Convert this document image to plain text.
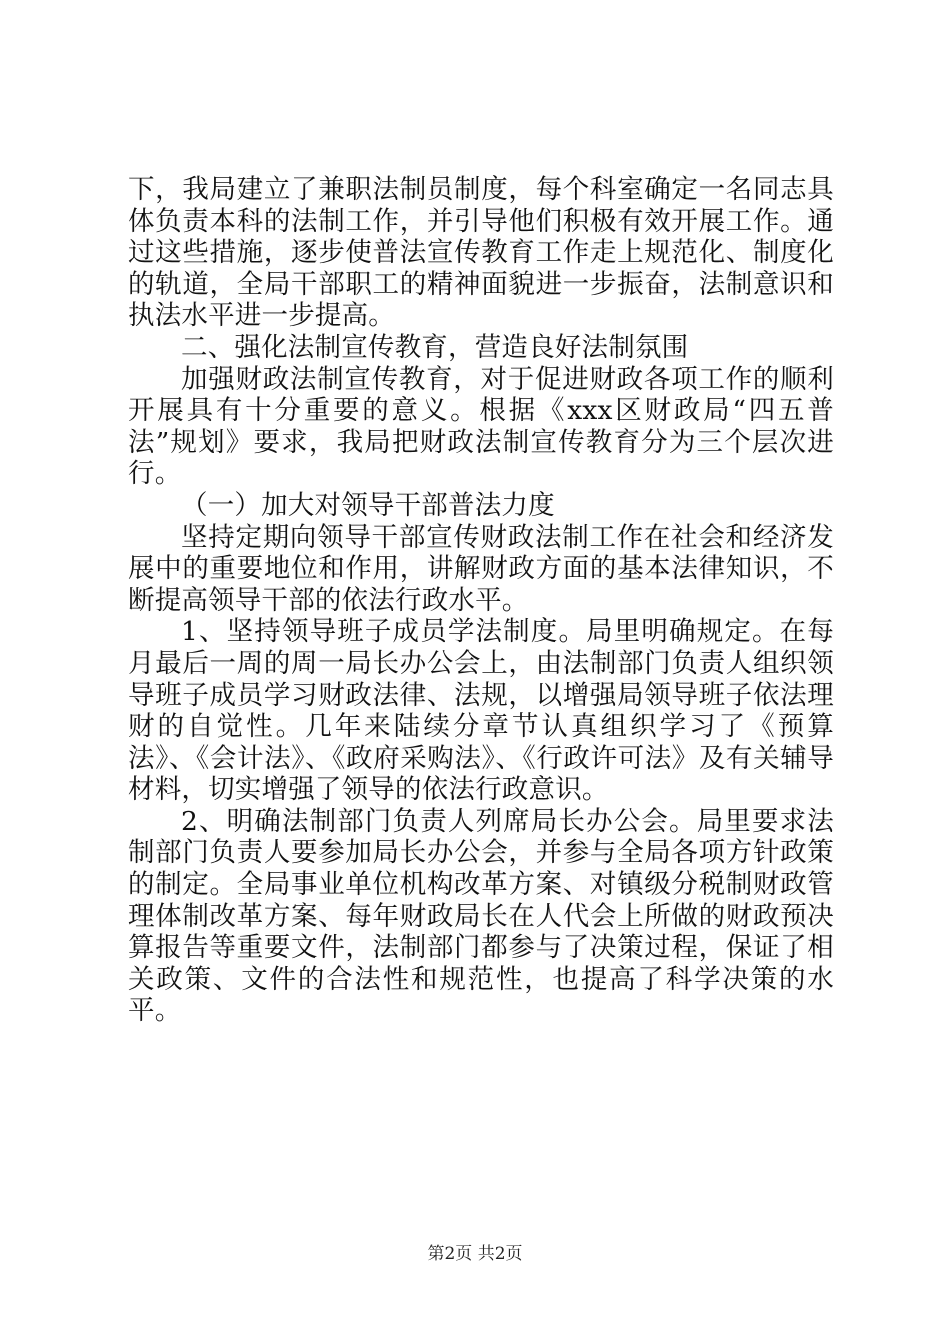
下，我局建立了兼职法制员制度，每个科室确定一名同志具体负责本科的法制工作，并引导他们积极有效开展工作。通过这些措施，逐步使普法宣传教育工作走上规范化、制度化的轨道，全局干部职工的精神面貌进一步振奋，法制意识和执法水平进一步提高。

二、强化法制宣传教育，营造良好法制氛围

加强财政法制宣传教育，对于促进财政各项工作的顺利开展具有十分重要的意义。根据《xxx区财政局“四五普法”规划》要求，我局把财政法制宣传教育分为三个层次进行。

（一）加大对领导干部普法力度

坚持定期向领导干部宣传财政法制工作在社会和经济发展中的重要地位和作用，讲解财政方面的基本法律知识，不断提高领导干部的依法行政水平。

1、坚持领导班子成员学法制度。局里明确规定。在每月最后一周的周一局长办公会上，由法制部门负责人组织领导班子成员学习财政法律、法规，以增强局领导班子依法理财的自觉性。几年来陆续分章节认真组织学习了《预算法》、《会计法》、《政府采购法》、《行政许可法》及有关辅导材料，切实增强了领导的依法行政意识。

2、明确法制部门负责人列席局长办公会。局里要求法制部门负责人要参加局长办公会，并参与全局各项方针政策的制定。全局事业单位机构改革方案、对镇级分税制财政管理体制改革方案、每年财政局长在人代会上所做的财政预决算报告等重要文件，法制部门都参与了决策过程，保证了相关政策、文件的合法性和规范性，也提高了科学决策的水平。

第2页 共2页
